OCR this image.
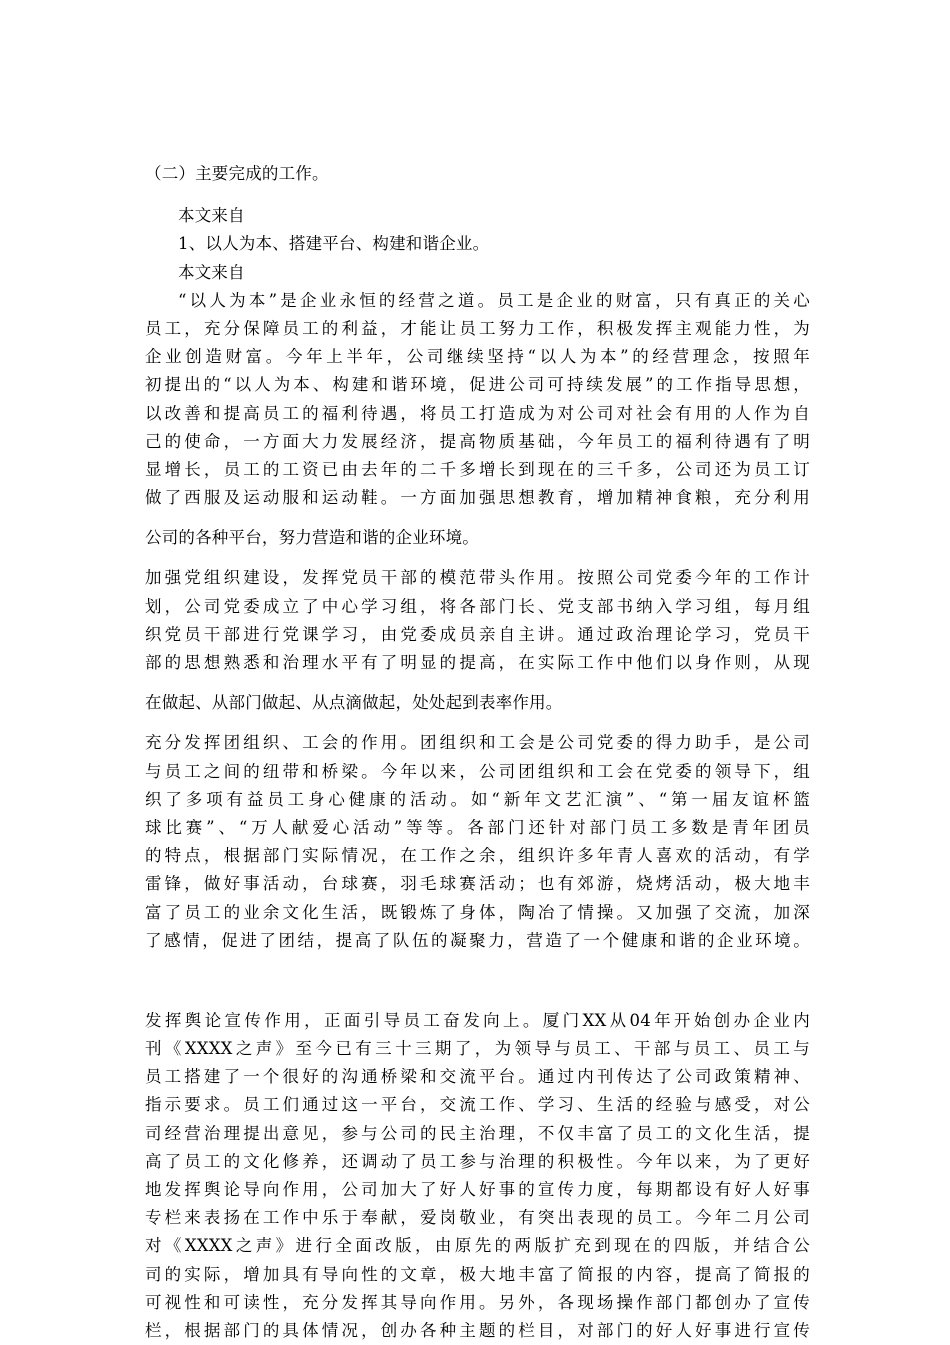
（二）主要完成的工作。
本文来自
1、以人为本、搭建平台、构建和谐企业。
本文来自
“以人为本”是企业永恒的经营之道。员工是企业的财富，只有真正的关心
员工，充分保障员工的利益，才能让员工努力工作，积极发挥主观能力性，为
企业创造财富。今年上半年，公司继续坚持“以人为本”的经营理念，按照年
初提出的“以人为本、构建和谐环境，促进公司可持续发展”的工作指导思想，
以改善和提高员工的福利待遇，将员工打造成为对公司对社会有用的人作为自
己的使命，一方面大力发展经济，提高物质基础，今年员工的福利待遇有了明
显增长，员工的工资已由去年的二千多增长到现在的三千多，公司还为员工订
做了西服及运动服和运动鞋。一方面加强思想教育，增加精神食粮，充分利用
公司的各种平台，努力营造和谐的企业环境。
加强党组织建设，发挥党员干部的模范带头作用。按照公司党委今年的工作计
划，公司党委成立了中心学习组，将各部门长、党支部书纳入学习组，每月组
织党员干部进行党课学习，由党委成员亲自主讲。通过政治理论学习，党员干
部的思想熟悉和治理水平有了明显的提高，在实际工作中他们以身作则，从现
在做起、从部门做起、从点滴做起，处处起到表率作用。
充分发挥团组织、工会的作用。团组织和工会是公司党委的得力助手，是公司
与员工之间的纽带和桥梁。今年以来，公司团组织和工会在党委的领导下，组
织了多项有益员工身心健康的活动。如“新年文艺汇演”、“第一届友谊杯篮
球比赛”、“万人献爱心活动”等等。各部门还针对部门员工多数是青年团员
的特点，根据部门实际情况，在工作之余，组织许多年青人喜欢的活动，有学
雷锋，做好事活动，台球赛，羽毛球赛活动；也有郊游，烧烤活动，极大地丰
富了员工的业余文化生活，既锻炼了身体，陶冶了情操。又加强了交流，加深
了感情，促进了团结，提高了队伍的凝聚力，营造了一个健康和谐的企业环境。
发挥舆论宣传作用，正面引导员工奋发向上。厦门XX从04年开始创办企业内
刊《XXXX之声》至今已有三十三期了，为领导与员工、干部与员工、员工与
员工搭建了一个很好的沟通桥梁和交流平台。通过内刊传达了公司政策精神、
指示要求。员工们通过这一平台，交流工作、学习、生活的经验与感受，对公
司经营治理提出意见，参与公司的民主治理，不仅丰富了员工的文化生活，提
高了员工的文化修养，还调动了员工参与治理的积极性。今年以来，为了更好
地发挥舆论导向作用，公司加大了好人好事的宣传力度，每期都设有好人好事
专栏来表扬在工作中乐于奉献，爱岗敬业，有突出表现的员工。今年二月公司
对《XXXX之声》进行全面改版，由原先的两版扩充到现在的四版，并结合公
司的实际，增加具有导向性的文章，极大地丰富了简报的内容，提高了简报的
可视性和可读性，充分发挥其导向作用。另外，各现场操作部门都创办了宣传
栏，根据部门的具体情况，创办各种主题的栏目，对部门的好人好事进行宣传
